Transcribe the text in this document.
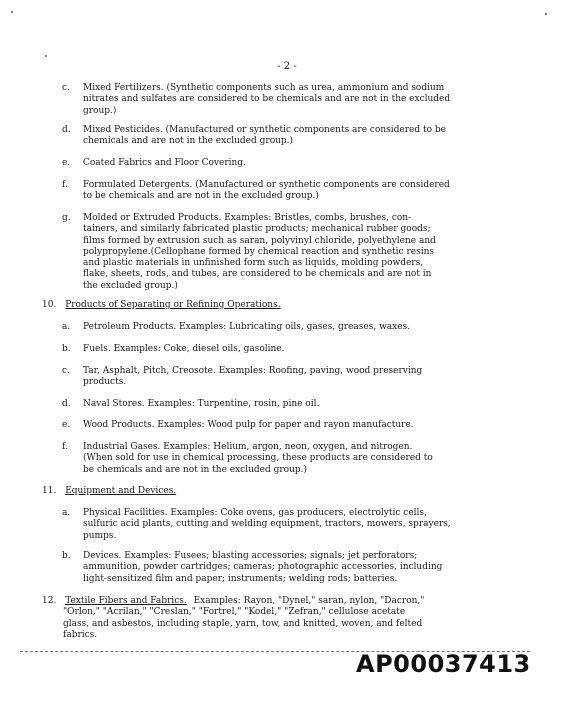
- 2 -
c. Mixed Fertilizers. (Synthetic components such as urea, ammonium and sodium
nitrates and sulfates are considered to be chemicals and are not in the excluded
group.)
d. Mixed Pesticides. (Manufactured or synthetic components are considered to be
chemicals and are not in the excluded group.)
e. Coated Fabrics and Floor Covering.
f. Formulated Detergents. (Manufactured or synthetic components are considered
to be chemicals and are not in the excluded group.)
g. Molded or Extruded Products. Examples: Bristles, combs, brushes, con-
tainers, and similarly fabricated plastic products; mechanical rubber goods;
films formed by extrusion such as saran, polyvinyl chloride, polyethylene and
polypropylene.(Cellophane formed by chemical reaction and synthetic resins
and plastic materials in unfinished form such as liquids, molding powders,
flake, sheets, rods, and tubes, are considered to be chemicals and are not in
the excluded group.)
10. Products of Separating or Refining Operations.
a. Petroleum Products. Examples: Lubricating oils, gases, greases, waxes.
b. Fuels. Examples: Coke, diesel oils, gasoline.
c. Tar, Asphalt, Pitch, Creosote. Examples: Roofing, paving, wood preserving
products.
d. Naval Stores. Examples: Turpentine, rosin, pine oil.
e. Wood Products. Examples: Wood pulp for paper and rayon manufacture.
f. Industrial Gases. Examples: Helium, argon, neon, oxygen, and nitrogen.
(When sold for use in chemical processing, these products are considered to
be chemicals and are not in the excluded group.)
11. Equipment and Devices.
a. Physical Facilities. Examples: Coke ovens, gas producers, electrolytic cells,
sulfuric acid plants, cutting and welding equipment, tractors, mowers, sprayers,
pumps.
b. Devices. Examples: Fusees; blasting accessories; signals; jet perforators;
ammunition, powder cartridges; cameras; photographic accessories, including
light-sensitized film and paper; instruments; welding rods; batteries.
12. Textile Fibers and Fabrics. Examples: Rayon, "Dynel," saran, nylon, "Dacron,"
"Orlon," "Acrilan," "Creslan," "Fortrel," "Kodel," "Zefran," cellulose acetate
glass, and asbestos, including staple, yarn, tow, and knitted, woven, and felted
fabrics.
AP00037413
